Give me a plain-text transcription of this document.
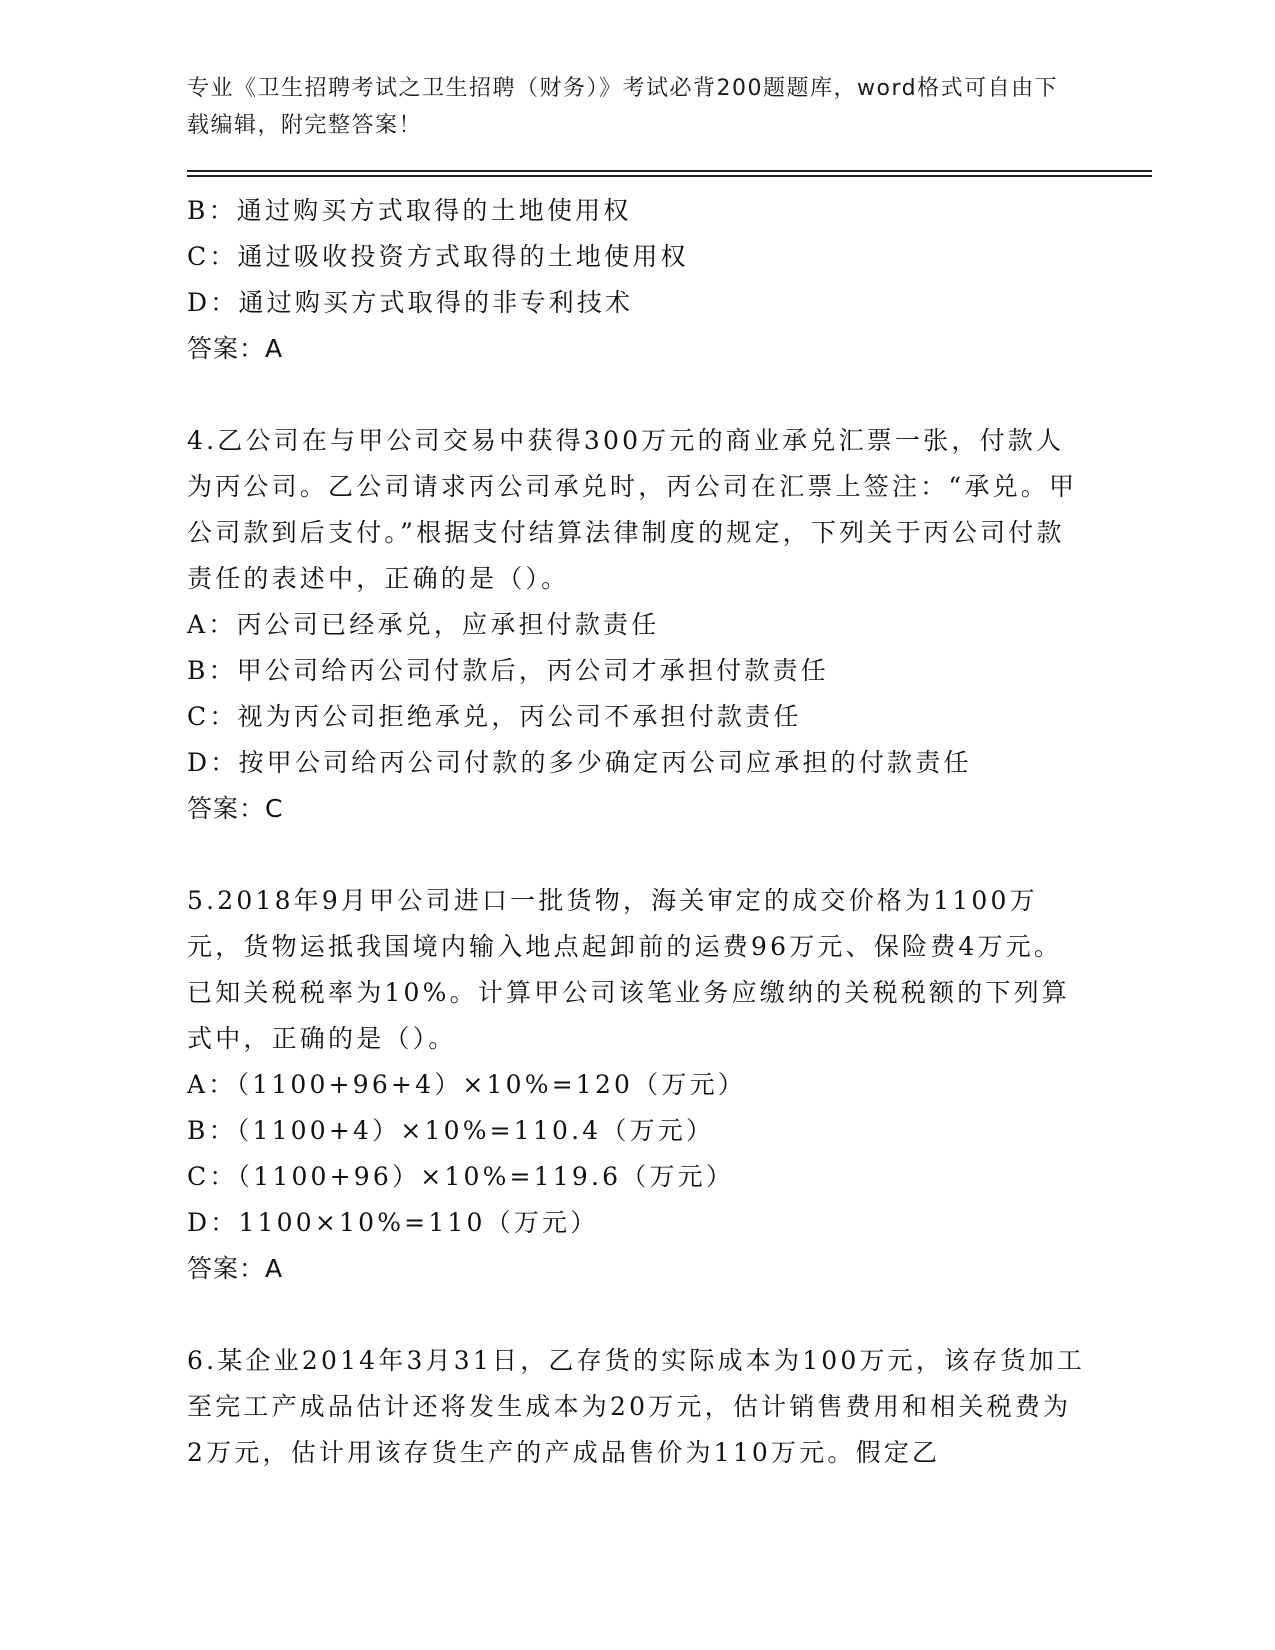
专业《卫生招聘考试之卫生招聘（财务）》考试必背200题题库，word格式可自由下载编辑，附完整答案！

B：通过购买方式取得的土地使用权

C：通过吸收投资方式取得的土地使用权

D：通过购买方式取得的非专利技术

答案：A

4.乙公司在与甲公司交易中获得300万元的商业承兑汇票一张，付款人为丙公司。乙公司请求丙公司承兑时，丙公司在汇票上签注：“承兑。甲公司款到后支付。”根据支付结算法律制度的规定，下列关于丙公司付款责任的表述中，正确的是（）。

A：丙公司已经承兑，应承担付款责任

B：甲公司给丙公司付款后，丙公司才承担付款责任

C：视为丙公司拒绝承兑，丙公司不承担付款责任

D：按甲公司给丙公司付款的多少确定丙公司应承担的付款责任

答案：C

5.2018年9月甲公司进口一批货物，海关审定的成交价格为1100万元，货物运抵我国境内输入地点起卸前的运费96万元、保险费4万元。已知关税税率为10%。计算甲公司该笔业务应缴纳的关税税额的下列算式中，正确的是（）。

A：（1100+96+4）×10%=120（万元）

B：（1100+4）×10%=110.4（万元）

C：（1100+96）×10%=119.6（万元）

D：1100×10%=110（万元）

答案：A

6.某企业2014年3月31日，乙存货的实际成本为100万元，该存货加工至完工产成品估计还将发生成本为20万元，估计销售费用和相关税费为2万元，估计用该存货生产的产成品售价为110万元。假定乙
